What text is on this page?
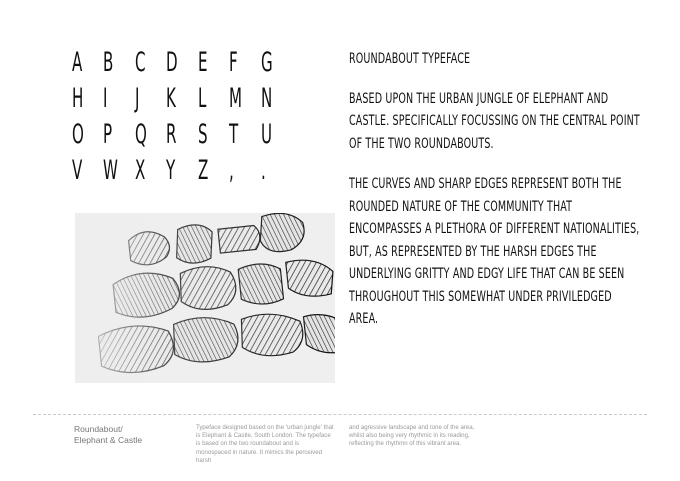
A B C D E F G
H I J K L M N
O P Q R S T U
V W X Y Z , .

ROUNDABOUT TYPEFACE

BASED UPON THE URBAN JUNGLE OF ELEPHANT AND CASTLE. SPECIFICALLY FOCUSSING ON THE CENTRAL POINT OF THE TWO ROUNDABOUTS.

THE CURVES AND SHARP EDGES REPRESENT BOTH THE ROUNDED NATURE OF THE COMMUNITY THAT ENCOMPASSES A PLETHORA OF DIFFERENT NATIONALITIES, BUT, AS REPRESENTED BY THE HARSH EDGES THE UNDERLYING GRITTY AND EDGY LIFE THAT CAN BE SEEN THROUGHOUT THIS SOMEWHAT UNDER PRIVILEDGED AREA.

Roundabout/
Elephant & Castle
Typeface designed based on the ‘urban jungle’ that is Elephant & Castle, South London. The typeface is based on the two roundabout and is monospaced in nature. It mimics the perceived harsh
and agressive landscape and tone of the area, whilst also being very rhythmic in its reading, reflecting the rhythmn of this vibrant area.
